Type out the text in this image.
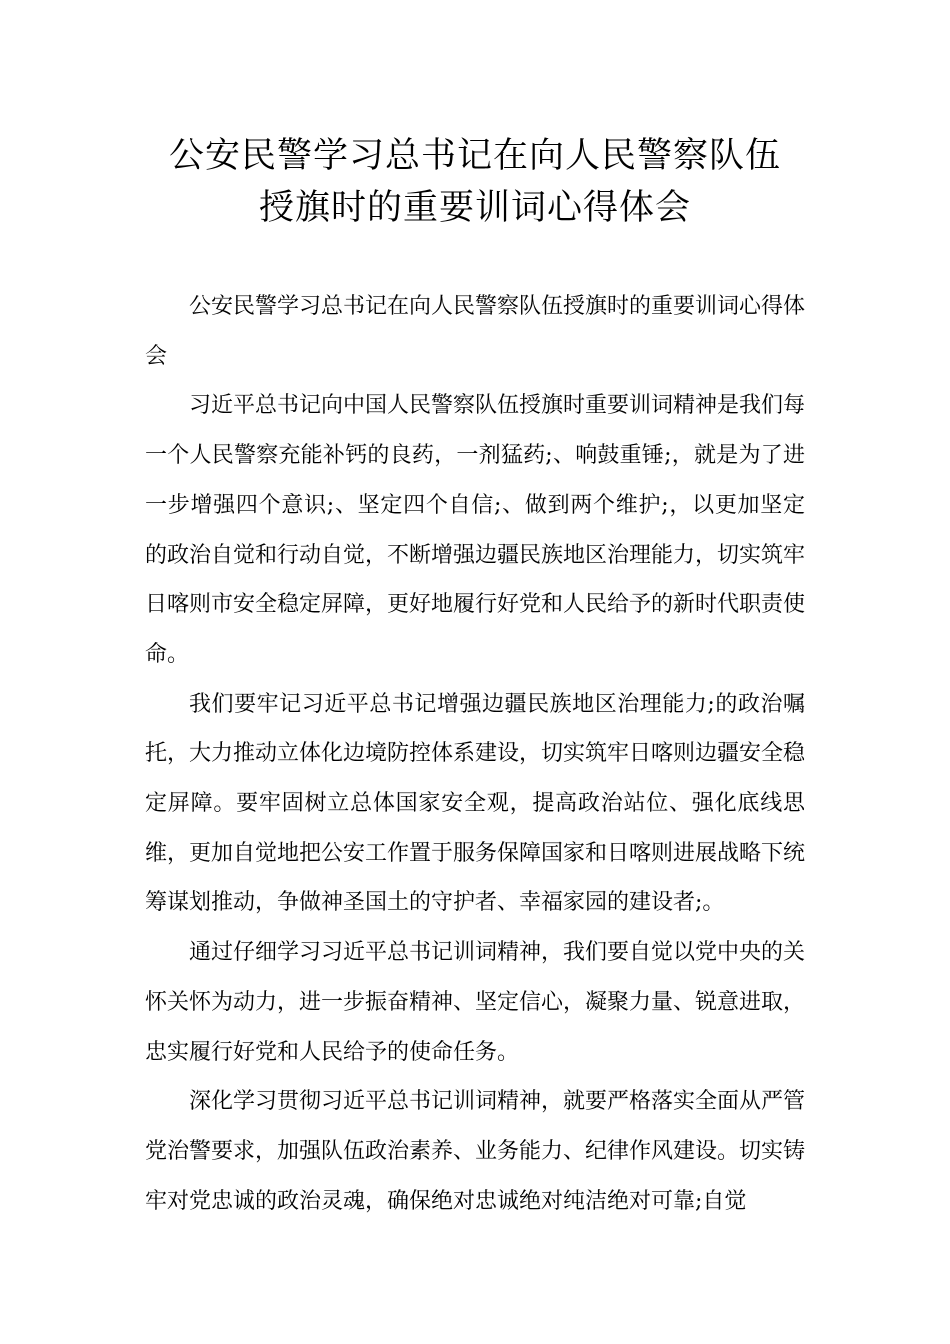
公安民警学习总书记在向人民警察队伍
授旗时的重要训词心得体会

公安民警学习总书记在向人民警察队伍授旗时的重要训词心得体会

习近平总书记向中国人民警察队伍授旗时重要训词精神是我们每一个人民警察充能补钙的良药，一剂猛药;、响鼓重锤;，就是为了进一步增强四个意识;、坚定四个自信;、做到两个维护;，以更加坚定的政治自觉和行动自觉，不断增强边疆民族地区治理能力，切实筑牢日喀则市安全稳定屏障，更好地履行好党和人民给予的新时代职责使命。

我们要牢记习近平总书记增强边疆民族地区治理能力;的政治嘱托，大力推动立体化边境防控体系建设，切实筑牢日喀则边疆安全稳定屏障。要牢固树立总体国家安全观，提高政治站位、强化底线思维，更加自觉地把公安工作置于服务保障国家和日喀则进展战略下统筹谋划推动，争做神圣国土的守护者、幸福家园的建设者;。

通过仔细学习习近平总书记训词精神，我们要自觉以党中央的关怀关怀为动力，进一步振奋精神、坚定信心，凝聚力量、锐意进取，忠实履行好党和人民给予的使命任务。

深化学习贯彻习近平总书记训词精神，就要严格落实全面从严管党治警要求，加强队伍政治素养、业务能力、纪律作风建设。切实铸牢对党忠诚的政治灵魂，确保绝对忠诚绝对纯洁绝对可靠;自觉
